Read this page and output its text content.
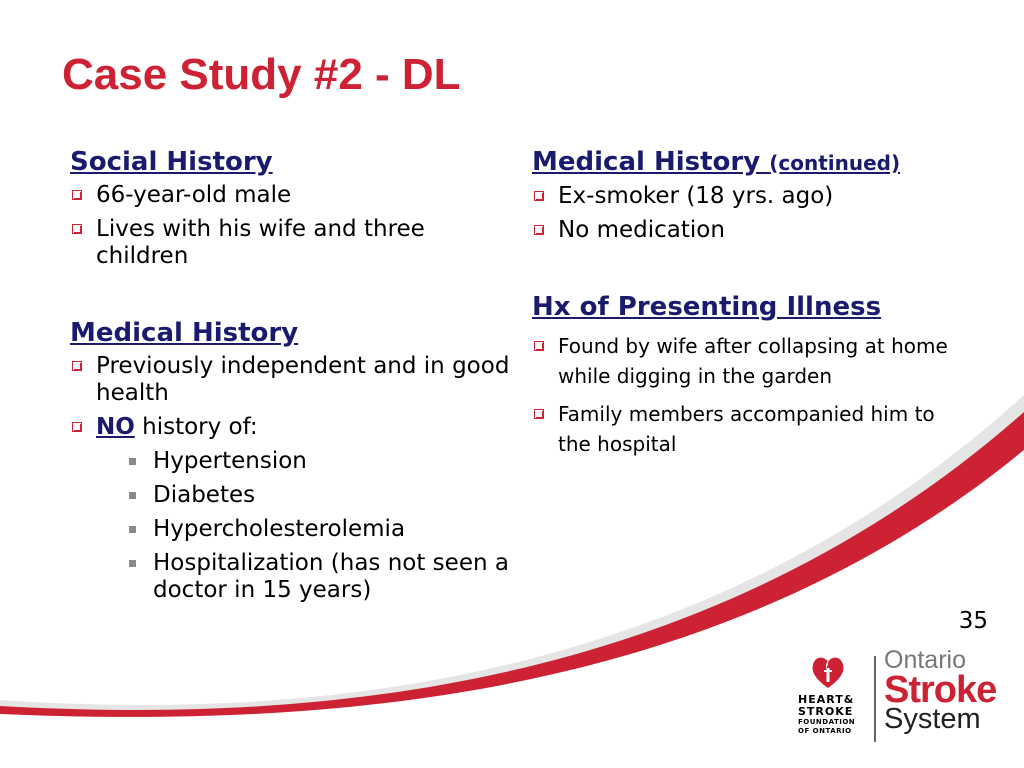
Case Study #2 - DL
Social History
66-year-old male
Lives with his wife and three children
Medical History
Previously independent and in good health
NO history of:
Hypertension
Diabetes
Hypercholesterolemia
Hospitalization (has not seen a doctor in 15 years)
Medical History (continued)
Ex-smoker (18 yrs. ago)
No medication
Hx of Presenting Illness
Found by wife after collapsing at home while digging in the garden
Family members accompanied him to the hospital
35
HEART&
STROKE
FOUNDATION
OF ONTARIO
Ontario
Stroke
System
